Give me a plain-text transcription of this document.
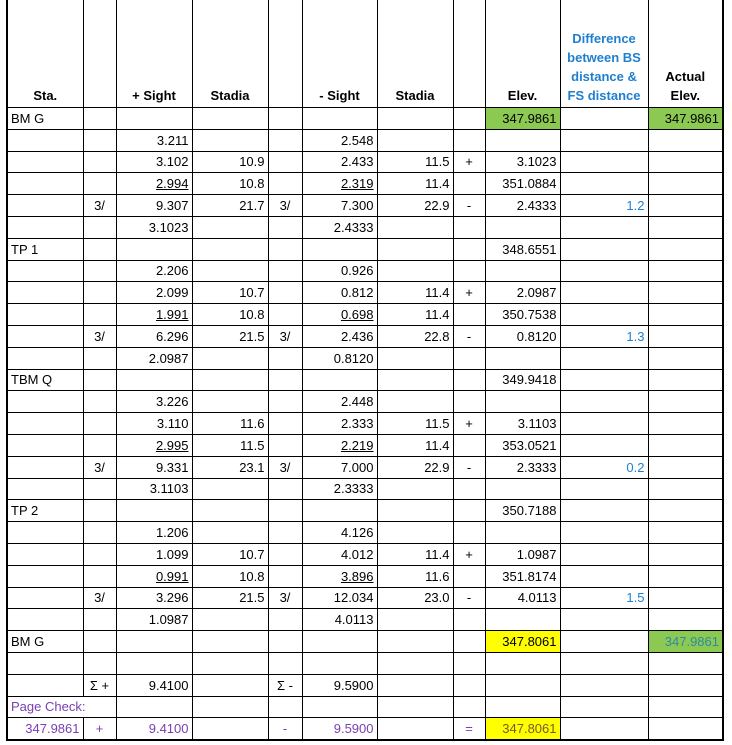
Sta.		+ Sight	Stadia		- Sight	Stadia		Elev.	Difference between BS distance & FS distance	Actual Elev.
BM G								347.9861		347.9861
		3.211			2.548					
		3.102	10.9		2.433	11.5	+	3.1023		
		2.994	10.8		2.319	11.4		351.0884		
	3/	9.307	21.7	3/	7.300	22.9	-	2.4333	1.2	
		3.1023			2.4333					
TP 1								348.6551		
		2.206			0.926					
		2.099	10.7		0.812	11.4	+	2.0987		
		1.991	10.8		0.698	11.4		350.7538		
	3/	6.296	21.5	3/	2.436	22.8	-	0.8120	1.3	
		2.0987			0.8120					
TBM Q								349.9418		
		3.226			2.448					
		3.110	11.6		2.333	11.5	+	3.1103		
		2.995	11.5		2.219	11.4		353.0521		
	3/	9.331	23.1	3/	7.000	22.9	-	2.3333	0.2	
		3.1103			2.3333					
TP 2								350.7188		
		1.206			4.126					
		1.099	10.7		4.012	11.4	+	1.0987		
		0.991	10.8		3.896	11.6		351.8174		
	3/	3.296	21.5	3/	12.034	23.0	-	4.0113	1.5	
		1.0987			4.0113					
BM G								347.8061		347.9861

	Σ +	9.4100		Σ -	9.5900					
Page Check:										
347.9861	+	9.4100		-	9.5900		=	347.8061		
